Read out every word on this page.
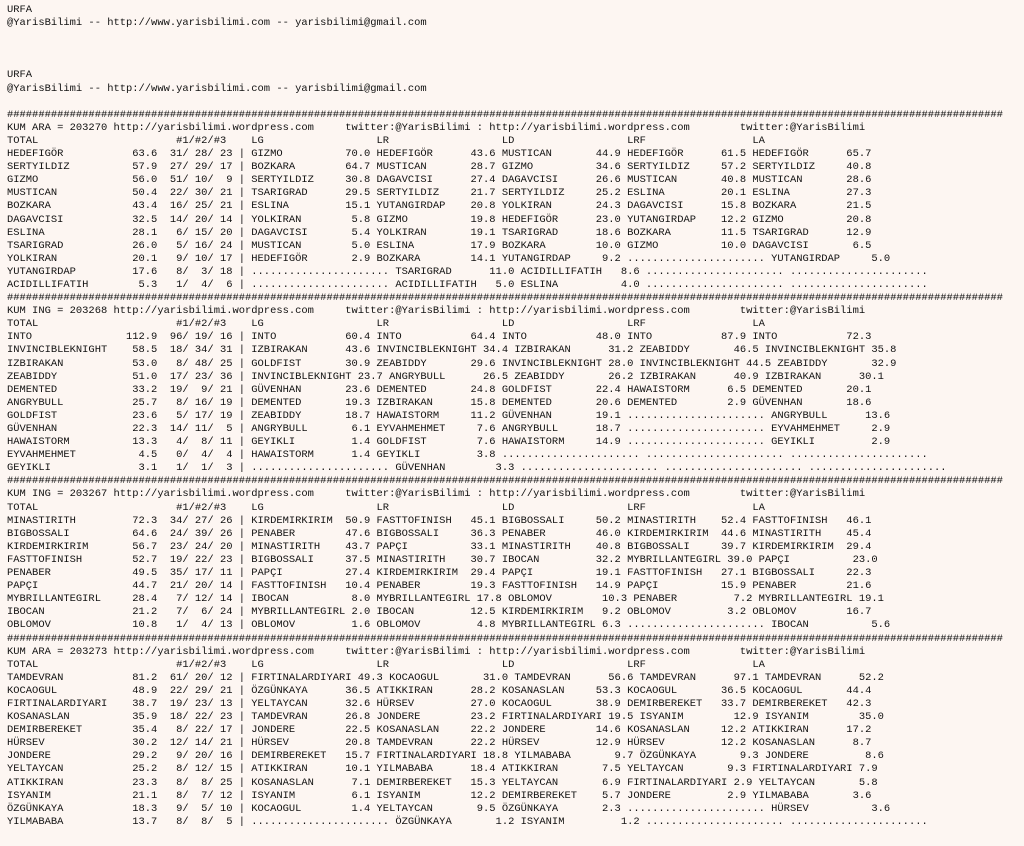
URFA
@YarisBilimi -- http://www.yarisbilimi.com -- yarisbilimi@gmail.com
URFA
@YarisBilimi -- http://www.yarisbilimi.com -- yarisbilimi@gmail.com
###############################################################################################################################################################
KUM ARA = 203270 http://yarisbilimi.wordpress.com     twitter:@YarisBilimi : http://yarisbilimi.wordpress.com        twitter:@YarisBilimi
TOTAL                      #1/#2/#3    LG                  LR                  LD                  LRF                 LA
HEDEFIGÖR           63.6  31/ 28/ 23 | GIZMO          70.0 HEDEFIGÖR      43.6 MUSTICAN       44.9 HEDEFIGÖR      61.5 HEDEFIGÖR      65.7
SERTYILDIZ          57.9  27/ 29/ 17 | BOZKARA        64.7 MUSTICAN       28.7 GIZMO          34.6 SERTYILDIZ     57.2 SERTYILDIZ     40.8
GIZMO               56.0  51/ 10/  9 | SERTYILDIZ     30.8 DAGAVCISI      27.4 DAGAVCISI      26.6 MUSTICAN       40.8 MUSTICAN       28.6
MUSTICAN            50.4  22/ 30/ 21 | TSARIGRAD      29.5 SERTYILDIZ     21.7 SERTYILDIZ     25.2 ESLINA         20.1 ESLINA         27.3
BOZKARA             43.4  16/ 25/ 21 | ESLINA         15.1 YUTANGIRDAP    20.8 YOLKIRAN       24.3 DAGAVCISI      15.8 BOZKARA        21.5
DAGAVCISI           32.5  14/ 20/ 14 | YOLKIRAN        5.8 GIZMO          19.8 HEDEFIGÖR      23.0 YUTANGIRDAP    12.2 GIZMO          20.8
ESLINA              28.1   6/ 15/ 20 | DAGAVCISI       5.4 YOLKIRAN       19.1 TSARIGRAD      18.6 BOZKARA        11.5 TSARIGRAD      12.9
TSARIGRAD           26.0   5/ 16/ 24 | MUSTICAN        5.0 ESLINA         17.9 BOZKARA        10.0 GIZMO          10.0 DAGAVCISI       6.5
YOLKIRAN            20.1   9/ 10/ 17 | HEDEFIGÖR       2.9 BOZKARA        14.1 YUTANGIRDAP     9.2 ...................... YUTANGIRDAP     5.0
YUTANGIRDAP         17.6   8/  3/ 18 | ...................... TSARIGRAD      11.0 ACIDILLIFATIH   8.6 ...................... ......................
ACIDILLIFATIH        5.3   1/  4/  6 | ...................... ACIDILLIFATIH   5.0 ESLINA          4.0 ...................... ......................
###############################################################################################################################################################
KUM ING = 203268 http://yarisbilimi.wordpress.com     twitter:@YarisBilimi : http://yarisbilimi.wordpress.com        twitter:@YarisBilimi
TOTAL                      #1/#2/#3    LG                  LR                  LD                  LRF                 LA
INTO               112.9  96/ 19/ 16 | INTO           60.4 INTO           64.4 INTO           48.0 INTO           87.9 INTO           72.3
INVINCIBLEKNIGHT    58.5  18/ 34/ 31 | IZBIRAKAN      43.6 INVINCIBLEKNIGHT 34.4 IZBIRAKAN      31.2 ZEABIDDY       46.5 INVINCIBLEKNIGHT 35.8
IZBIRAKAN           53.0   8/ 48/ 25 | GOLDFIST       30.9 ZEABIDDY       29.6 INVINCIBLEKNIGHT 28.0 INVINCIBLEKNIGHT 44.5 ZEABIDDY       32.9
ZEABIDDY            51.0  17/ 23/ 36 | INVINCIBLEKNIGHT 23.7 ANGRYBULL      26.5 ZEABIDDY       26.2 IZBIRAKAN      40.9 IZBIRAKAN      30.1
DEMENTED            33.2  19/  9/ 21 | GÜVENHAN       23.6 DEMENTED       24.8 GOLDFIST       22.4 HAWAISTORM      6.5 DEMENTED       20.1
ANGRYBULL           25.7   8/ 16/ 19 | DEMENTED       19.3 IZBIRAKAN      15.8 DEMENTED       20.6 DEMENTED        2.9 GÜVENHAN       18.6
GOLDFIST            23.6   5/ 17/ 19 | ZEABIDDY       18.7 HAWAISTORM     11.2 GÜVENHAN       19.1 ...................... ANGRYBULL      13.6
GÜVENHAN            22.3  14/ 11/  5 | ANGRYBULL       6.1 EYVAHMEHMET     7.6 ANGRYBULL      18.7 ...................... EYVAHMEHMET     2.9
HAWAISTORM          13.3   4/  8/ 11 | GEYIKLI         1.4 GOLDFIST        7.6 HAWAISTORM     14.9 ...................... GEYIKLI         2.9
EYVAHMEHMET          4.5   0/  4/  4 | HAWAISTORM      1.4 GEYIKLI         3.8 ...................... ...................... ......................
GEYIKLI              3.1   1/  1/  3 | ...................... GÜVENHAN        3.3 ...................... ...................... ......................
###############################################################################################################################################################
KUM ING = 203267 http://yarisbilimi.wordpress.com     twitter:@YarisBilimi : http://yarisbilimi.wordpress.com        twitter:@YarisBilimi
TOTAL                      #1/#2/#3    LG                  LR                  LD                  LRF                 LA
MINASTIRITH         72.3  34/ 27/ 26 | KIRDEMIRKIRIM  50.9 FASTTOFINISH   45.1 BIGBOSSALI     50.2 MINASTIRITH    52.4 FASTTOFINISH   46.1
BIGBOSSALI          64.6  24/ 39/ 26 | PENABER        47.6 BIGBOSSALI     36.3 PENABER        46.0 KIRDEMIRKIRIM  44.6 MINASTIRITH    45.4
KIRDEMIRKIRIM       56.7  23/ 24/ 20 | MINASTIRITH    43.7 PAPÇI          33.1 MINASTIRITH    40.8 BIGBOSSALI     39.7 KIRDEMIRKIRIM  29.4
FASTTOFINISH        52.7  19/ 22/ 23 | BIGBOSSALI     37.5 MINASTIRITH    30.7 IBOCAN         32.2 MYBRILLANTEGIRL 39.0 PAPÇI          23.0
PENABER             49.5  35/ 17/ 11 | PAPÇI          27.4 KIRDEMIRKIRIM  29.4 PAPÇI          19.1 FASTTOFINISH   27.1 BIGBOSSALI     22.3
PAPÇI               44.7  21/ 20/ 14 | FASTTOFINISH   10.4 PENABER        19.3 FASTTOFINISH   14.9 PAPÇI          15.9 PENABER        21.6
MYBRILLANTEGIRL     28.4   7/ 12/ 14 | IBOCAN          8.0 MYBRILLANTEGIRL 17.8 OBLOMOV        10.3 PENABER         7.2 MYBRILLANTEGIRL 19.1
IBOCAN              21.2   7/  6/ 24 | MYBRILLANTEGIRL 2.0 IBOCAN         12.5 KIRDEMIRKIRIM   9.2 OBLOMOV         3.2 OBLOMOV        16.7
OBLOMOV             10.8   1/  4/ 13 | OBLOMOV         1.6 OBLOMOV         4.8 MYBRILLANTEGIRL 6.3 ...................... IBOCAN          5.6
###############################################################################################################################################################
KUM ARA = 203273 http://yarisbilimi.wordpress.com     twitter:@YarisBilimi : http://yarisbilimi.wordpress.com        twitter:@YarisBilimi
TOTAL                      #1/#2/#3    LG                  LR                  LD                  LRF                 LA
TAMDEVRAN           81.2  61/ 20/ 12 | FIRTINALARDIYARI 49.3 KOCAOGUL       31.0 TAMDEVRAN      56.6 TAMDEVRAN      97.1 TAMDEVRAN      52.2
KOCAOGUL            48.9  22/ 29/ 21 | ÖZGÜNKAYA      36.5 ATIKKIRAN      28.2 KOSANASLAN     53.3 KOCAOGUL       36.5 KOCAOGUL       44.4
FIRTINALARDIYARI    38.7  19/ 23/ 13 | YELTAYCAN      32.6 HÜRSEV         27.0 KOCAOGUL       38.9 DEMIRBEREKET   33.7 DEMIRBEREKET   42.3
KOSANASLAN          35.9  18/ 22/ 23 | TAMDEVRAN      26.8 JONDERE        23.2 FIRTINALARDIYARI 19.5 ISYANIM        12.9 ISYANIM        35.0
DEMIRBEREKET        35.4   8/ 22/ 17 | JONDERE        22.5 KOSANASLAN     22.2 JONDERE        14.6 KOSANASLAN     12.2 ATIKKIRAN      17.2
HÜRSEV              30.2  12/ 14/ 21 | HÜRSEV         20.8 TAMDEVRAN      22.2 HÜRSEV         12.9 HÜRSEV         12.2 KOSANASLAN      8.7
JONDERE             29.2   9/ 20/ 16 | DEMIRBEREKET   15.7 FIRTINALARDIYARI 18.8 YILMABABA       9.7 ÖZGÜNKAYA       9.3 JONDERE         8.6
YELTAYCAN           25.2   8/ 12/ 15 | ATIKKIRAN      10.1 YILMABABA      18.4 ATIKKIRAN       7.5 YELTAYCAN       9.3 FIRTINALARDIYARI 7.9
ATIKKIRAN           23.3   8/  8/ 25 | KOSANASLAN      7.1 DEMIRBEREKET   15.3 YELTAYCAN       6.9 FIRTINALARDIYARI 2.9 YELTAYCAN       5.8
ISYANIM             21.1   8/  7/ 12 | ISYANIM         6.1 ISYANIM        12.2 DEMIRBEREKET    5.7 JONDERE         2.9 YILMABABA       3.6
ÖZGÜNKAYA           18.3   9/  5/ 10 | KOCAOGUL        1.4 YELTAYCAN       9.5 ÖZGÜNKAYA       2.3 ...................... HÜRSEV          3.6
YILMABABA           13.7   8/  8/  5 | ...................... ÖZGÜNKAYA       1.2 ISYANIM         1.2 ...................... ......................
